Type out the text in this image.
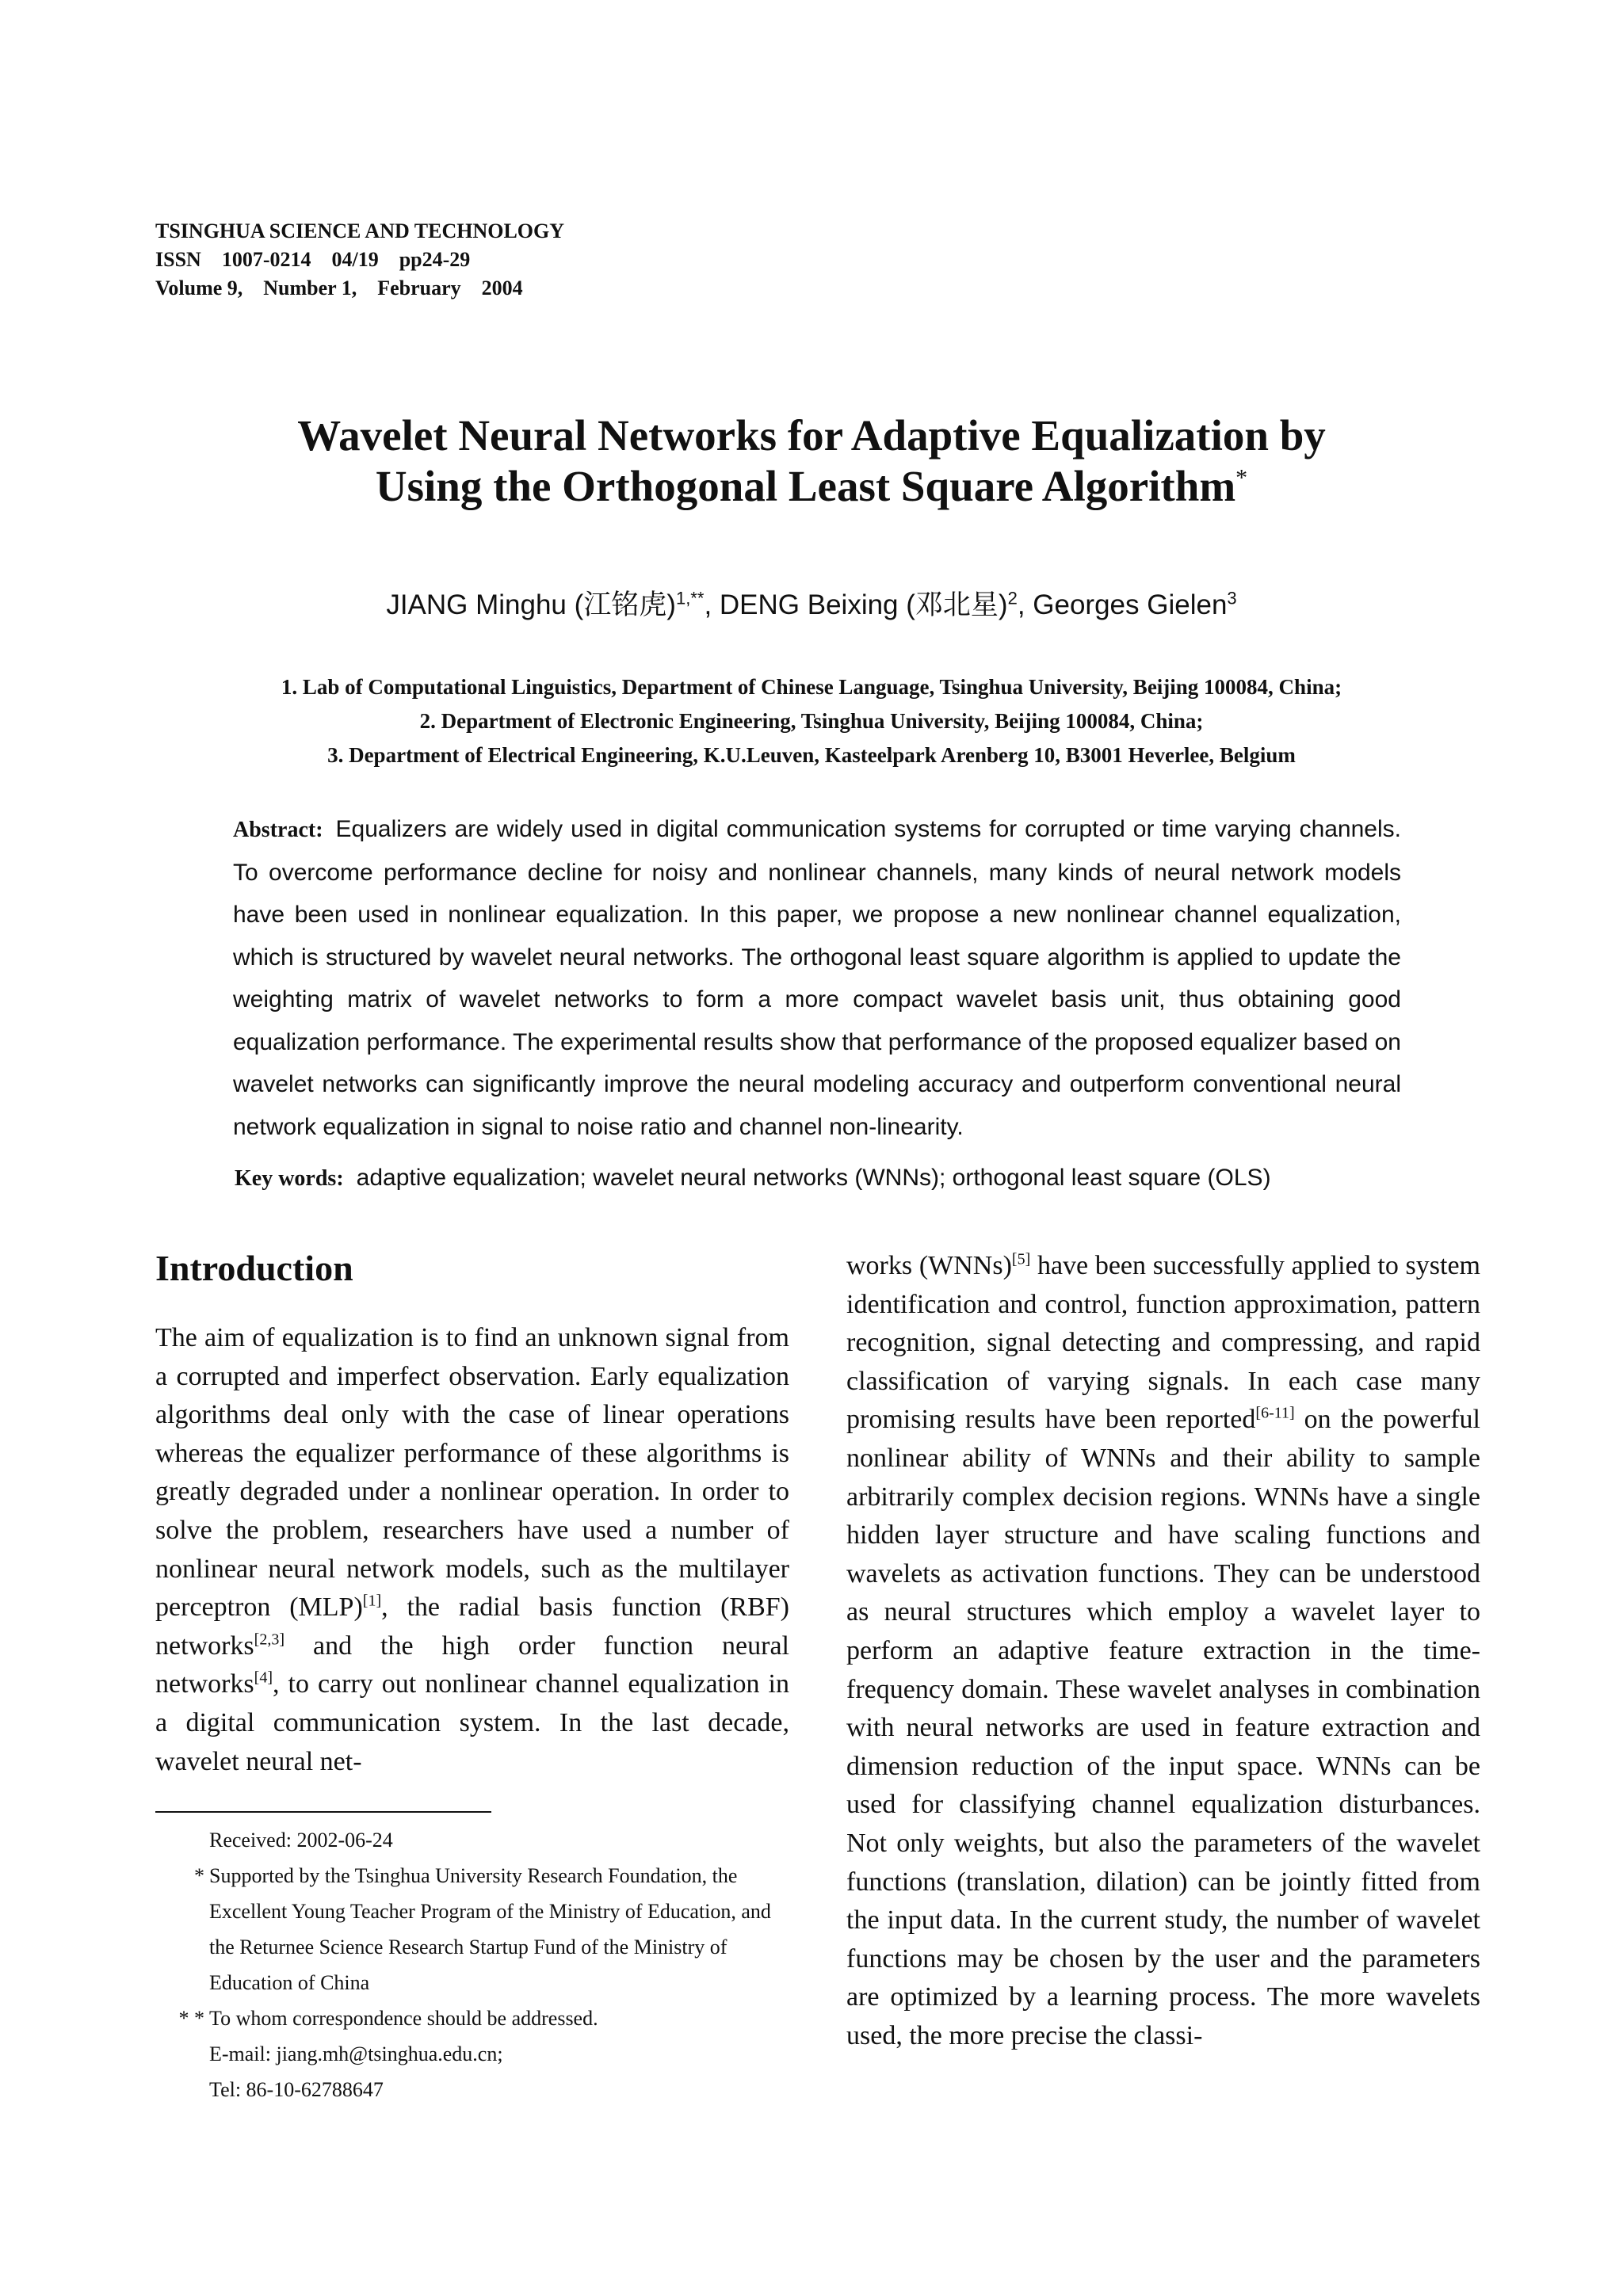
TSINGHUA SCIENCE AND TECHNOLOGY
ISSN    1007-0214    04/19    pp24-29
Volume 9,    Number 1,    February    2004
Wavelet Neural Networks for Adaptive Equalization by
Using the Orthogonal Least Square Algorithm*
JIANG Minghu (江铭虎)$^{1,**}$, DENG Beixing (邓北星)$^2$, Georges Gielen$^3$
1. Lab of Computational Linguistics, Department of Chinese Language, Tsinghua University, Beijing 100084, China;
2. Department of Electronic Engineering, Tsinghua University, Beijing 100084, China;
3. Department of Electrical Engineering, K.U.Leuven, Kasteelpark Arenberg 10, B3001 Heverlee, Belgium
Abstract: Equalizers are widely used in digital communication systems for corrupted or time varying channels. To overcome performance decline for noisy and nonlinear channels, many kinds of neural network models have been used in nonlinear equalization. In this paper, we propose a new nonlinear channel equalization, which is structured by wavelet neural networks. The orthogonal least square algorithm is applied to update the weighting matrix of wavelet networks to form a more compact wavelet basis unit, thus obtaining good equalization performance. The experimental results show that performance of the proposed equalizer based on wavelet networks can significantly improve the neural modeling accuracy and outperform conventional neural network equalization in signal to noise ratio and channel non-linearity.
Key words: adaptive equalization; wavelet neural networks (WNNs); orthogonal least square (OLS)
Introduction
The aim of equalization is to find an unknown signal from a corrupted and imperfect observation. Early equalization algorithms deal only with the case of linear operations whereas the equalizer performance of these algorithms is greatly degraded under a nonlinear operation. In order to solve the problem, researchers have used a number of nonlinear neural network models, such as the multilayer perceptron (MLP)[1], the radial basis function (RBF) networks[2,3] and the high order function neural networks[4], to carry out nonlinear channel equalization in a digital communication system. In the last decade, wavelet neural net-
works (WNNs)[5] have been successfully applied to system identification and control, function approximation, pattern recognition, signal detecting and compressing, and rapid classification of varying signals. In each case many promising results have been reported[6-11] on the powerful nonlinear ability of WNNs and their ability to sample arbitrarily complex decision regions. WNNs have a single hidden layer structure and have scaling functions and wavelets as activation functions. They can be understood as neural structures which employ a wavelet layer to perform an adaptive feature extraction in the time-frequency domain. These wavelet analyses in combination with neural networks are used in feature extraction and dimension reduction of the input space. WNNs can be used for classifying channel equalization disturbances. Not only weights, but also the parameters of the wavelet functions (translation, dilation) can be jointly fitted from the input data. In the current study, the number of wavelet functions may be chosen by the user and the parameters are optimized by a learning process. The more wavelets used, the more precise the classi-
Received: 2002-06-24
* Supported by the Tsinghua University Research Foundation, the Excellent Young Teacher Program of the Ministry of Education, and the Returnee Science Research Startup Fund of the Ministry of Education of China
* * To whom correspondence should be addressed.
E-mail: jiang.mh@tsinghua.edu.cn;
Tel: 86-10-62788647
